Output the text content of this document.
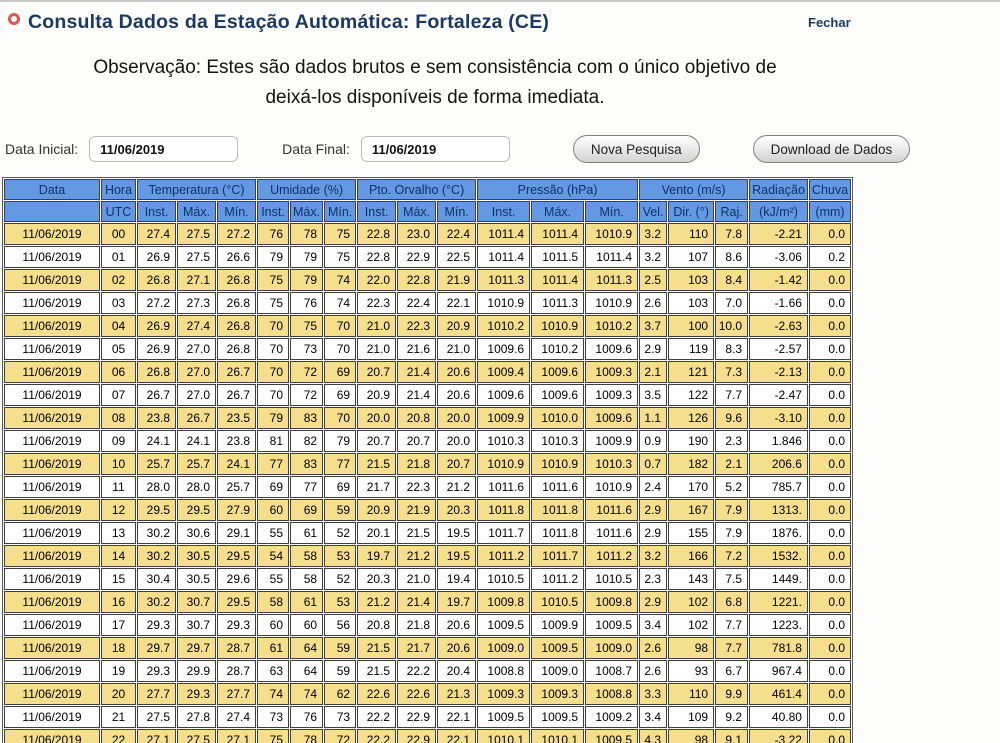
Consulta Dados da Estação Automática: Fortaleza (CE)	Fechar
Observação: Estes são dados brutos e sem consistência com o único objetivo de
deixá-los disponíveis de forma imediata.
Data Inicial:
11/06/2019	Data Final:
11/06/2019	Nova Pesquisa	Download de Dados
Data	Hora	Temperatura (°C)			Umidade (%)			Pto. Orvalho (°C)			Pressão (hPa)			Vento (m/s)			Radiação	Chuva
	UTC	Inst.	Máx.	Mín.	Inst.	Máx.	Mín.	Inst.	Máx.	Mín.	Inst.	Máx.	Mín.	Vel.	Dir. (°)	Raj.	(kJ/m²)	(mm)
11/06/2019	00	27.4	27.5	27.2	76	78	75	22.8	23.0	22.4	1011.4	1011.4	1010.9	3.2	110	7.8	-2.21	0.0
11/06/2019	01	26.9	27.5	26.6	79	79	75	22.8	22.9	22.5	1011.4	1011.5	1011.4	3.2	107	8.6	-3.06	0.2
11/06/2019	02	26.8	27.1	26.8	75	79	74	22.0	22.8	21.9	1011.3	1011.4	1011.3	2.5	103	8.4	-1.42	0.0
11/06/2019	03	27.2	27.3	26.8	75	76	74	22.3	22.4	22.1	1010.9	1011.3	1010.9	2.6	103	7.0	-1.66	0.0
11/06/2019	04	26.9	27.4	26.8	70	75	70	21.0	22.3	20.9	1010.2	1010.9	1010.2	3.7	100	10.0	-2.63	0.0
11/06/2019	05	26.9	27.0	26.8	70	73	70	21.0	21.6	21.0	1009.6	1010.2	1009.6	2.9	119	8.3	-2.57	0.0
11/06/2019	06	26.8	27.0	26.7	70	72	69	20.7	21.4	20.6	1009.4	1009.6	1009.3	2.1	121	7.3	-2.13	0.0
11/06/2019	07	26.7	27.0	26.7	70	72	69	20.9	21.4	20.6	1009.6	1009.6	1009.3	3.5	122	7.7	-2.47	0.0
11/06/2019	08	23.8	26.7	23.5	79	83	70	20.0	20.8	20.0	1009.9	1010.0	1009.6	1.1	126	9.6	-3.10	0.0
11/06/2019	09	24.1	24.1	23.8	81	82	79	20.7	20.7	20.0	1010.3	1010.3	1009.9	0.9	190	2.3	1.846	0.0
11/06/2019	10	25.7	25.7	24.1	77	83	77	21.5	21.8	20.7	1010.9	1010.9	1010.3	0.7	182	2.1	206.6	0.0
11/06/2019	11	28.0	28.0	25.7	69	77	69	21.7	22.3	21.2	1011.6	1011.6	1010.9	2.4	170	5.2	785.7	0.0
11/06/2019	12	29.5	29.5	27.9	60	69	59	20.9	21.9	20.3	1011.8	1011.8	1011.6	2.9	167	7.9	1313.	0.0
11/06/2019	13	30.2	30.6	29.1	55	61	52	20.1	21.5	19.5	1011.7	1011.8	1011.6	2.9	155	7.9	1876.	0.0
11/06/2019	14	30.2	30.5	29.5	54	58	53	19.7	21.2	19.5	1011.2	1011.7	1011.2	3.2	166	7.2	1532.	0.0
11/06/2019	15	30.4	30.5	29.6	55	58	52	20.3	21.0	19.4	1010.5	1011.2	1010.5	2.3	143	7.5	1449.	0.0
11/06/2019	16	30.2	30.7	29.5	58	61	53	21.2	21.4	19.7	1009.8	1010.5	1009.8	2.9	102	6.8	1221.	0.0
11/06/2019	17	29.3	30.7	29.3	60	60	56	20.8	21.8	20.6	1009.5	1009.9	1009.5	3.4	102	7.7	1223.	0.0
11/06/2019	18	29.7	29.7	28.7	61	64	59	21.5	21.7	20.6	1009.0	1009.5	1009.0	2.6	98	7.7	781.8	0.0
11/06/2019	19	29.3	29.9	28.7	63	64	59	21.5	22.2	20.4	1008.8	1009.0	1008.7	2.6	93	6.7	967.4	0.0
11/06/2019	20	27.7	29.3	27.7	74	74	62	22.6	22.6	21.3	1009.3	1009.3	1008.8	3.3	110	9.9	461.4	0.0
11/06/2019	21	27.5	27.8	27.4	73	76	73	22.2	22.9	22.1	1009.5	1009.5	1009.2	3.4	109	9.2	40.80	0.0
11/06/2019	22	27.1	27.5	27.1	75	78	72	22.2	22.9	22.1	1010.1	1010.1	1009.5	4.3	98	9.1	-3.22	0.0
